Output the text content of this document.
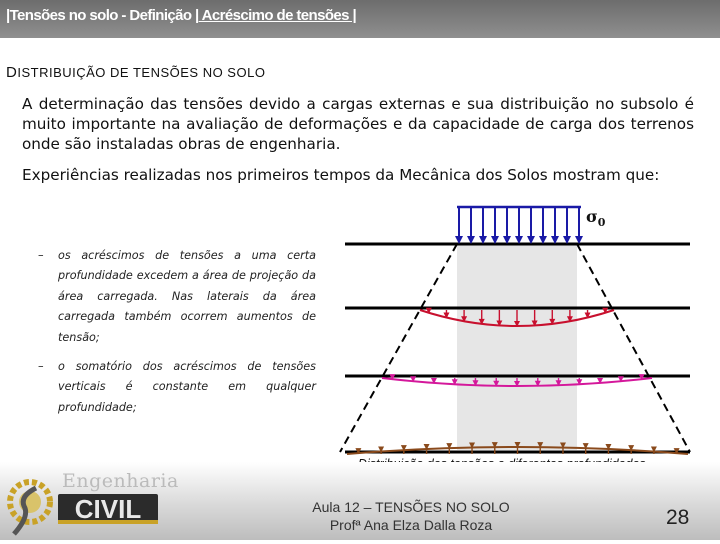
|Tensões no solo - Definição | Acréscimo de tensões |
DISTRIBUIÇÃO DE TENSÕES NO SOLO
A determinação das tensões devido a cargas externas e sua distribuição no subsolo é muito importante na avaliação de deformações e da capacidade de carga dos terrenos onde são instaladas obras de engenharia.
Experiências realizadas nos primeiros tempos da Mecânica dos Solos mostram que:
– os acréscimos de tensões a uma certa profundidade excedem a área de projeção da área carregada. Nas laterais da área carregada também ocorrem aumentos de tensão;
– o somatório dos acréscimos de tensões verticais é constante em qualquer profundidade;
$\sigma_0$
CIVIL
Engenharia
Aula 12 – TENSÕES NO SOLO
Profª Ana Elza Dalla Roza	28
